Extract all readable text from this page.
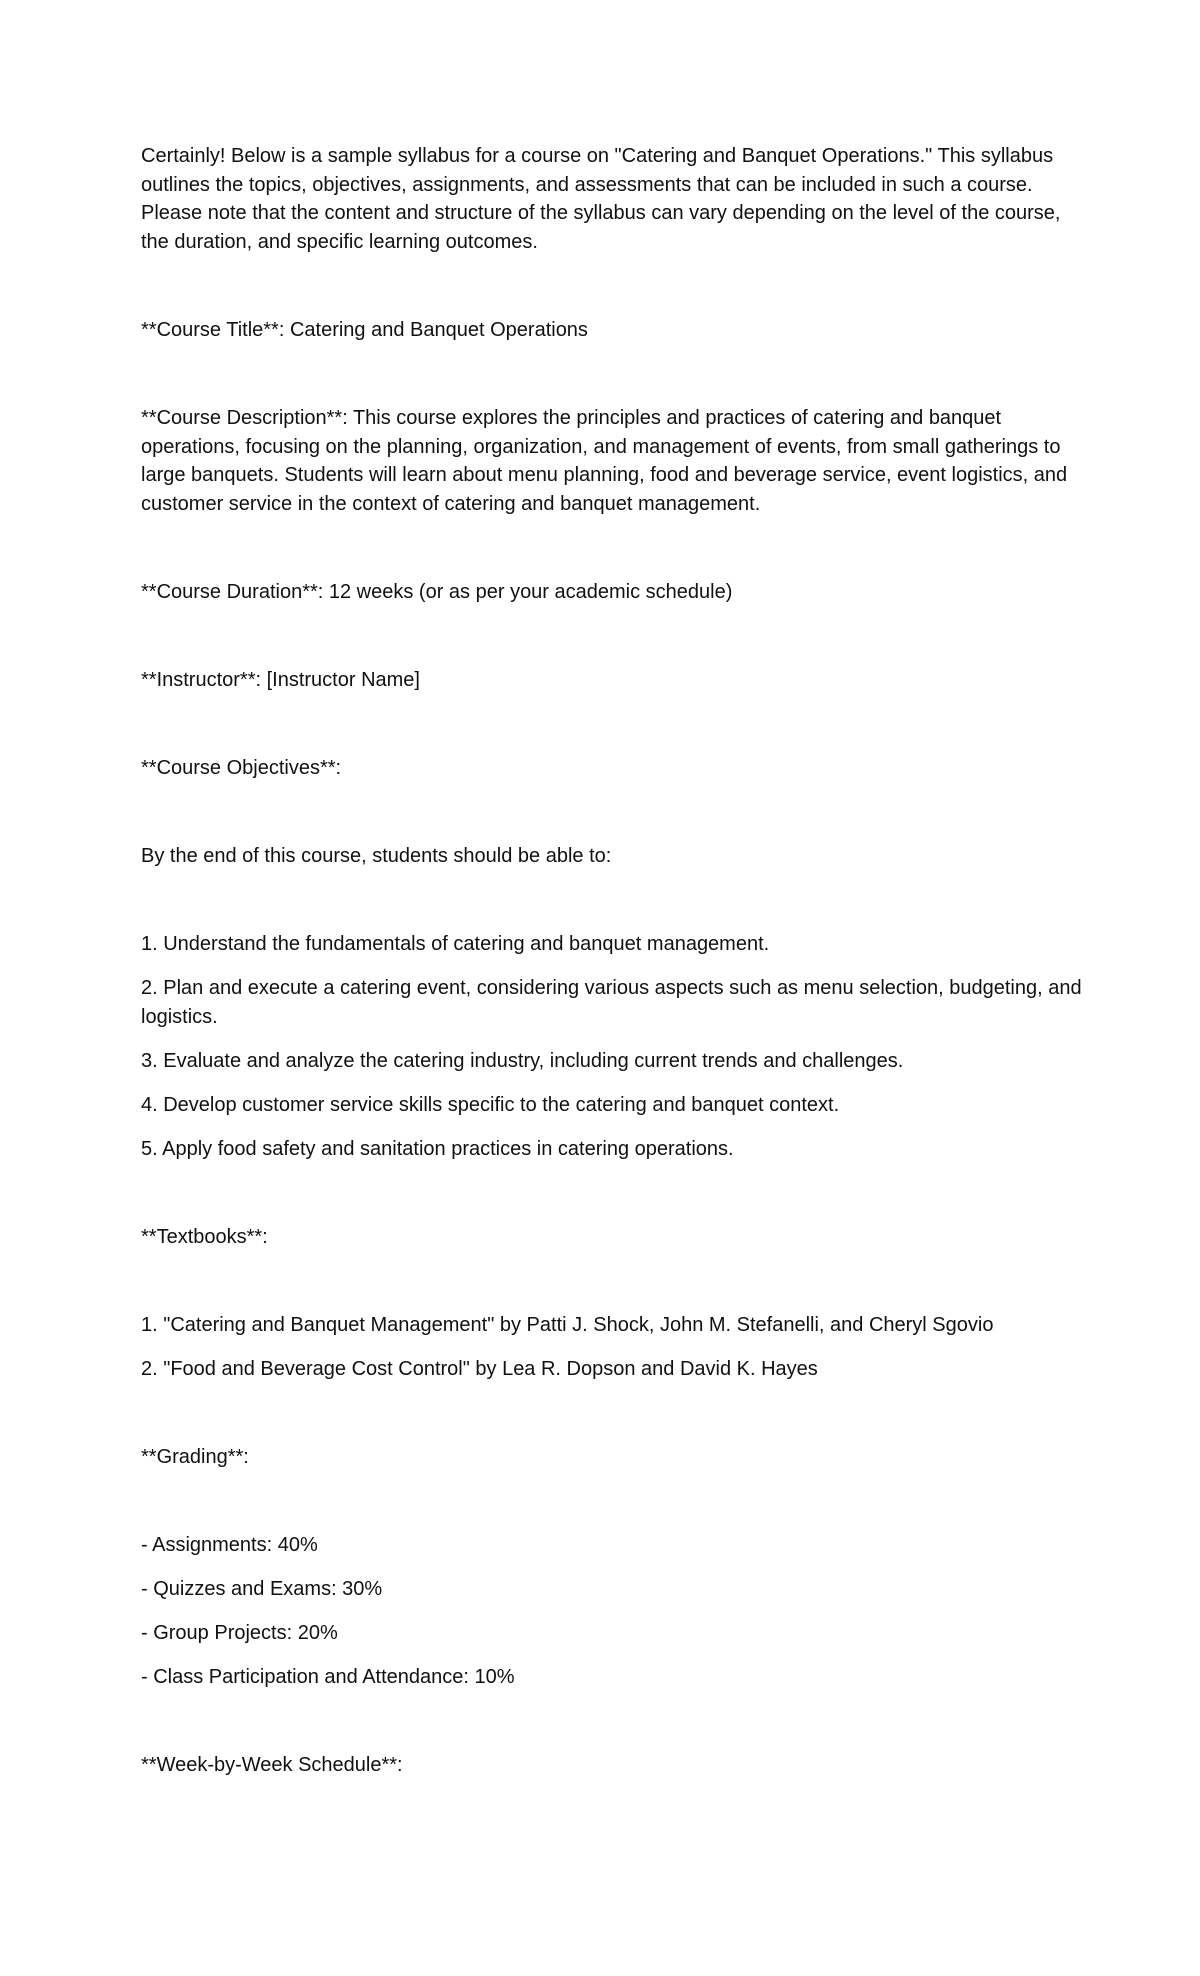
Certainly! Below is a sample syllabus for a course on "Catering and Banquet Operations." This syllabus

outlines the topics, objectives, assignments, and assessments that can be included in such a course.

Please note that the content and structure of the syllabus can vary depending on the level of the course,

the duration, and specific learning outcomes.

**Course Title**: Catering and Banquet Operations

**Course Description**: This course explores the principles and practices of catering and banquet

operations, focusing on the planning, organization, and management of events, from small gatherings to

large banquets. Students will learn about menu planning, food and beverage service, event logistics, and

customer service in the context of catering and banquet management.

**Course Duration**: 12 weeks (or as per your academic schedule)

**Instructor**: [Instructor Name]

**Course Objectives**:

By the end of this course, students should be able to:

1. Understand the fundamentals of catering and banquet management.

2. Plan and execute a catering event, considering various aspects such as menu selection, budgeting, and

logistics.

3. Evaluate and analyze the catering industry, including current trends and challenges.

4. Develop customer service skills specific to the catering and banquet context.

5. Apply food safety and sanitation practices in catering operations.

**Textbooks**:

1. "Catering and Banquet Management" by Patti J. Shock, John M. Stefanelli, and Cheryl Sgovio

2. "Food and Beverage Cost Control" by Lea R. Dopson and David K. Hayes

**Grading**:

- Assignments: 40%

- Quizzes and Exams: 30%

- Group Projects: 20%

- Class Participation and Attendance: 10%

**Week-by-Week Schedule**:
